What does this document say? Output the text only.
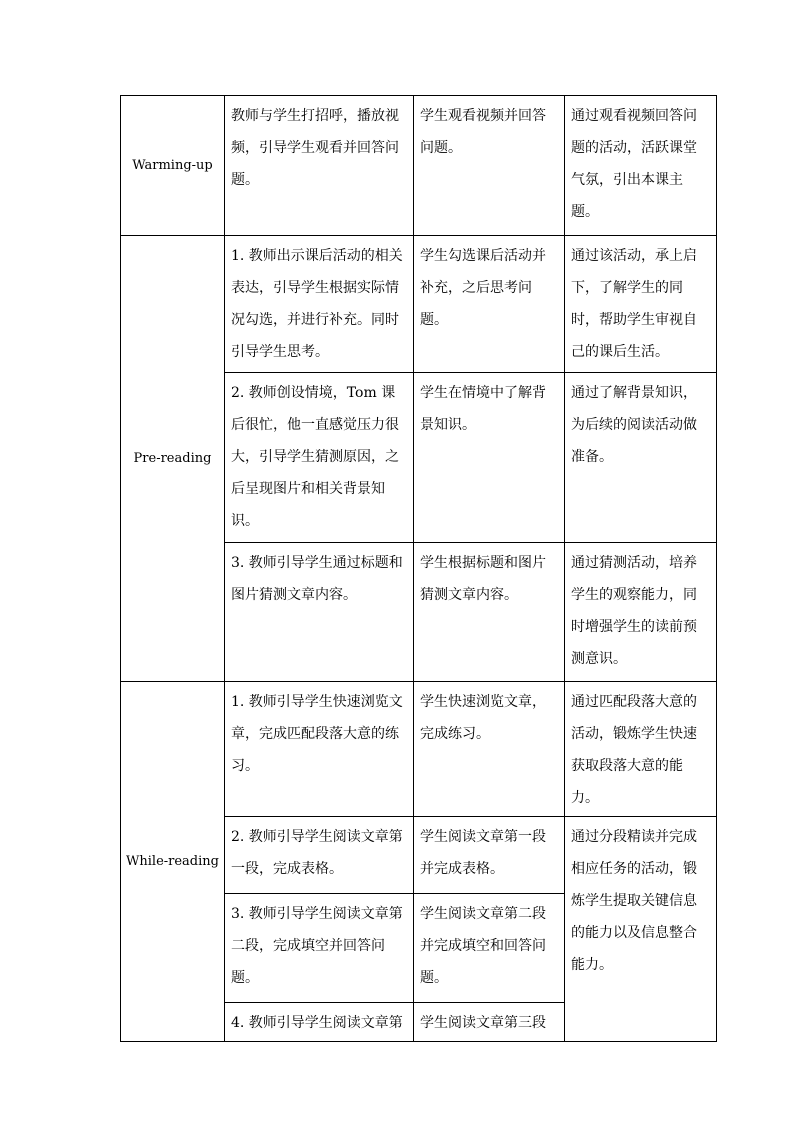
Warming-up	教师与学生打招呼，播放视频，引导学生观看并回答问题。	学生观看视频并回答问题。	通过观看视频回答问题的活动，活跃课堂气氛，引出本课主题。
Pre-reading	1. 教师出示课后活动的相关表达，引导学生根据实际情况勾选，并进行补充。同时引导学生思考。	学生勾选课后活动并补充，之后思考问题。	通过该活动，承上启下，了解学生的同时，帮助学生审视自己的课后生活。
	2. 教师创设情境，Tom 课后很忙，他一直感觉压力很大，引导学生猜测原因，之后呈现图片和相关背景知识。	学生在情境中了解背景知识。	通过了解背景知识，为后续的阅读活动做准备。
	3. 教师引导学生通过标题和图片猜测文章内容。	学生根据标题和图片猜测文章内容。	通过猜测活动，培养学生的观察能力，同时增强学生的读前预测意识。
While-reading	1. 教师引导学生快速浏览文章，完成匹配段落大意的练习。	学生快速浏览文章，完成练习。	通过匹配段落大意的活动，锻炼学生快速获取段落大意的能力。
	2. 教师引导学生阅读文章第一段，完成表格。	学生阅读文章第一段并完成表格。	通过分段精读并完成相应任务的活动，锻炼学生提取关键信息的能力以及信息整合能力。
	3. 教师引导学生阅读文章第二段，完成填空并回答问题。	学生阅读文章第二段并完成填空和回答问题。	
	4. 教师引导学生阅读文章第	学生阅读文章第三段	
